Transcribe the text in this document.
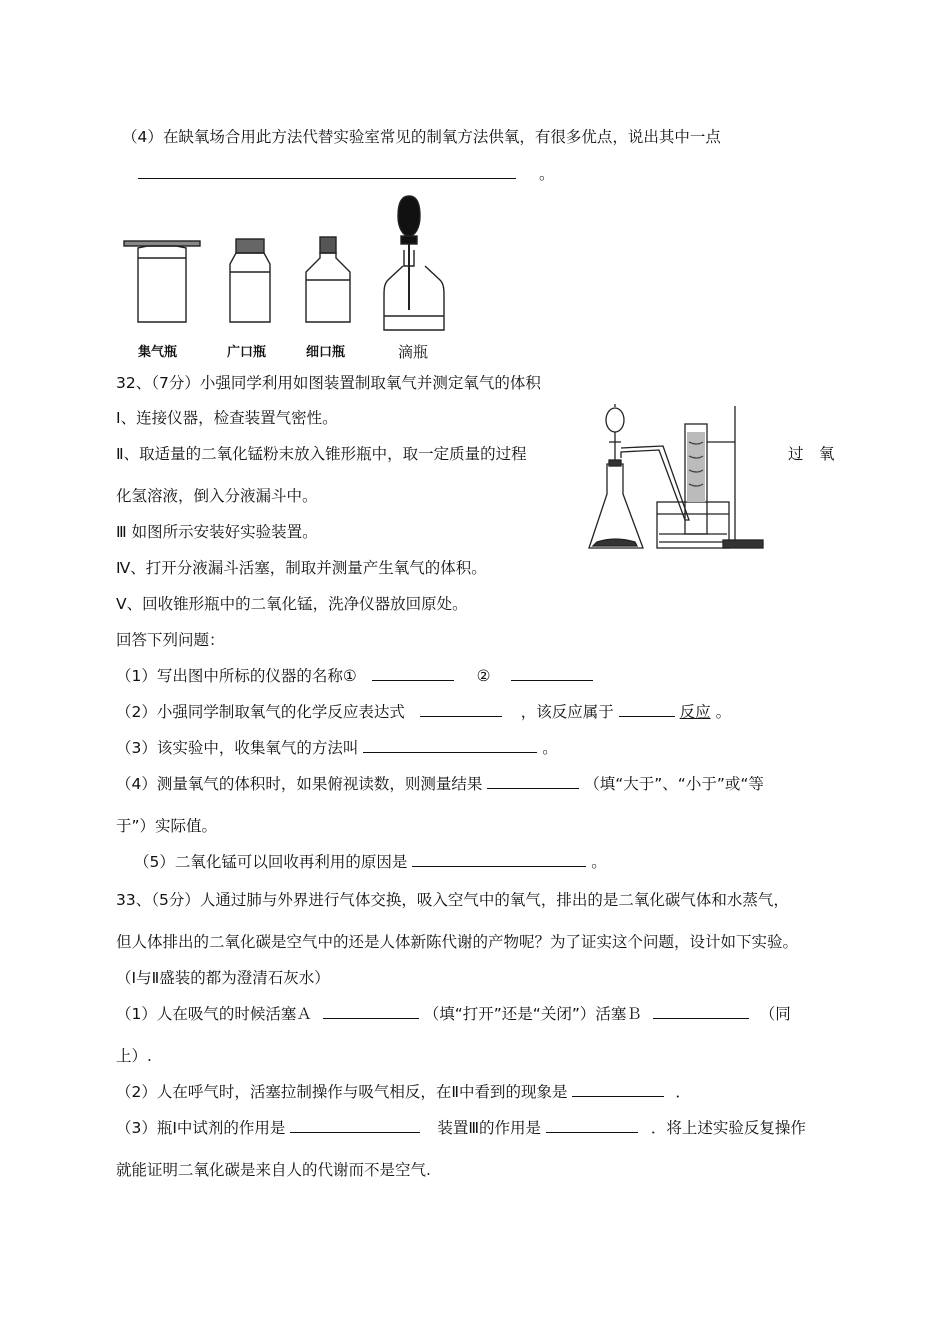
（4）在缺氧场合用此方法代替实验室常见的制氧方法供氧，有很多优点，说出其中一点
。
集气瓶	广口瓶	细口瓶	滴瓶
32、（7分）小强同学利用如图装置制取氧气并测定氧气的体积
Ⅰ、连接仪器，检查装置气密性。
Ⅱ、取适量的二氧化锰粉末放入锥形瓶中，取一定质量的过程	过　氧
化氢溶液，倒入分液漏斗中。
Ⅲ 如图所示安装好实验装置。
Ⅳ、打开分液漏斗活塞，制取并测量产生氧气的体积。
Ⅴ、回收锥形瓶中的二氧化锰，洗净仪器放回原处。
回答下列问题：
（1）写出图中所标的仪器的名称①	②
（2）小强同学制取氧气的化学反应表达式	，该反应属于	反应 。
（3）该实验中，收集氧气的方法叫	。
（4）测量氧气的体积时，如果俯视读数，则测量结果	（填“大于”、“小于”或“等
于”）实际值。
（5）二氧化锰可以回收再利用的原因是	。
33、（5分）人通过肺与外界进行气体交换，吸入空气中的氧气，排出的是二氧化碳气体和水蒸气，
但人体排出的二氧化碳是空气中的还是人体新陈代谢的产物呢？为了证实这个问题，设计如下实验。
（Ⅰ与Ⅱ盛装的都为澄清石灰水）
（1）人在吸气的时候活塞Ａ	（填“打开”还是“关闭”）活塞Ｂ	（同
上）.
（2）人在呼气时，活塞拉制操作与吸气相反，在Ⅱ中看到的现象是	．
（3）瓶Ⅰ中试剂的作用是	装置Ⅲ的作用是	．将上述实验反复操作
就能证明二氧化碳是来自人的代谢而不是空气.
